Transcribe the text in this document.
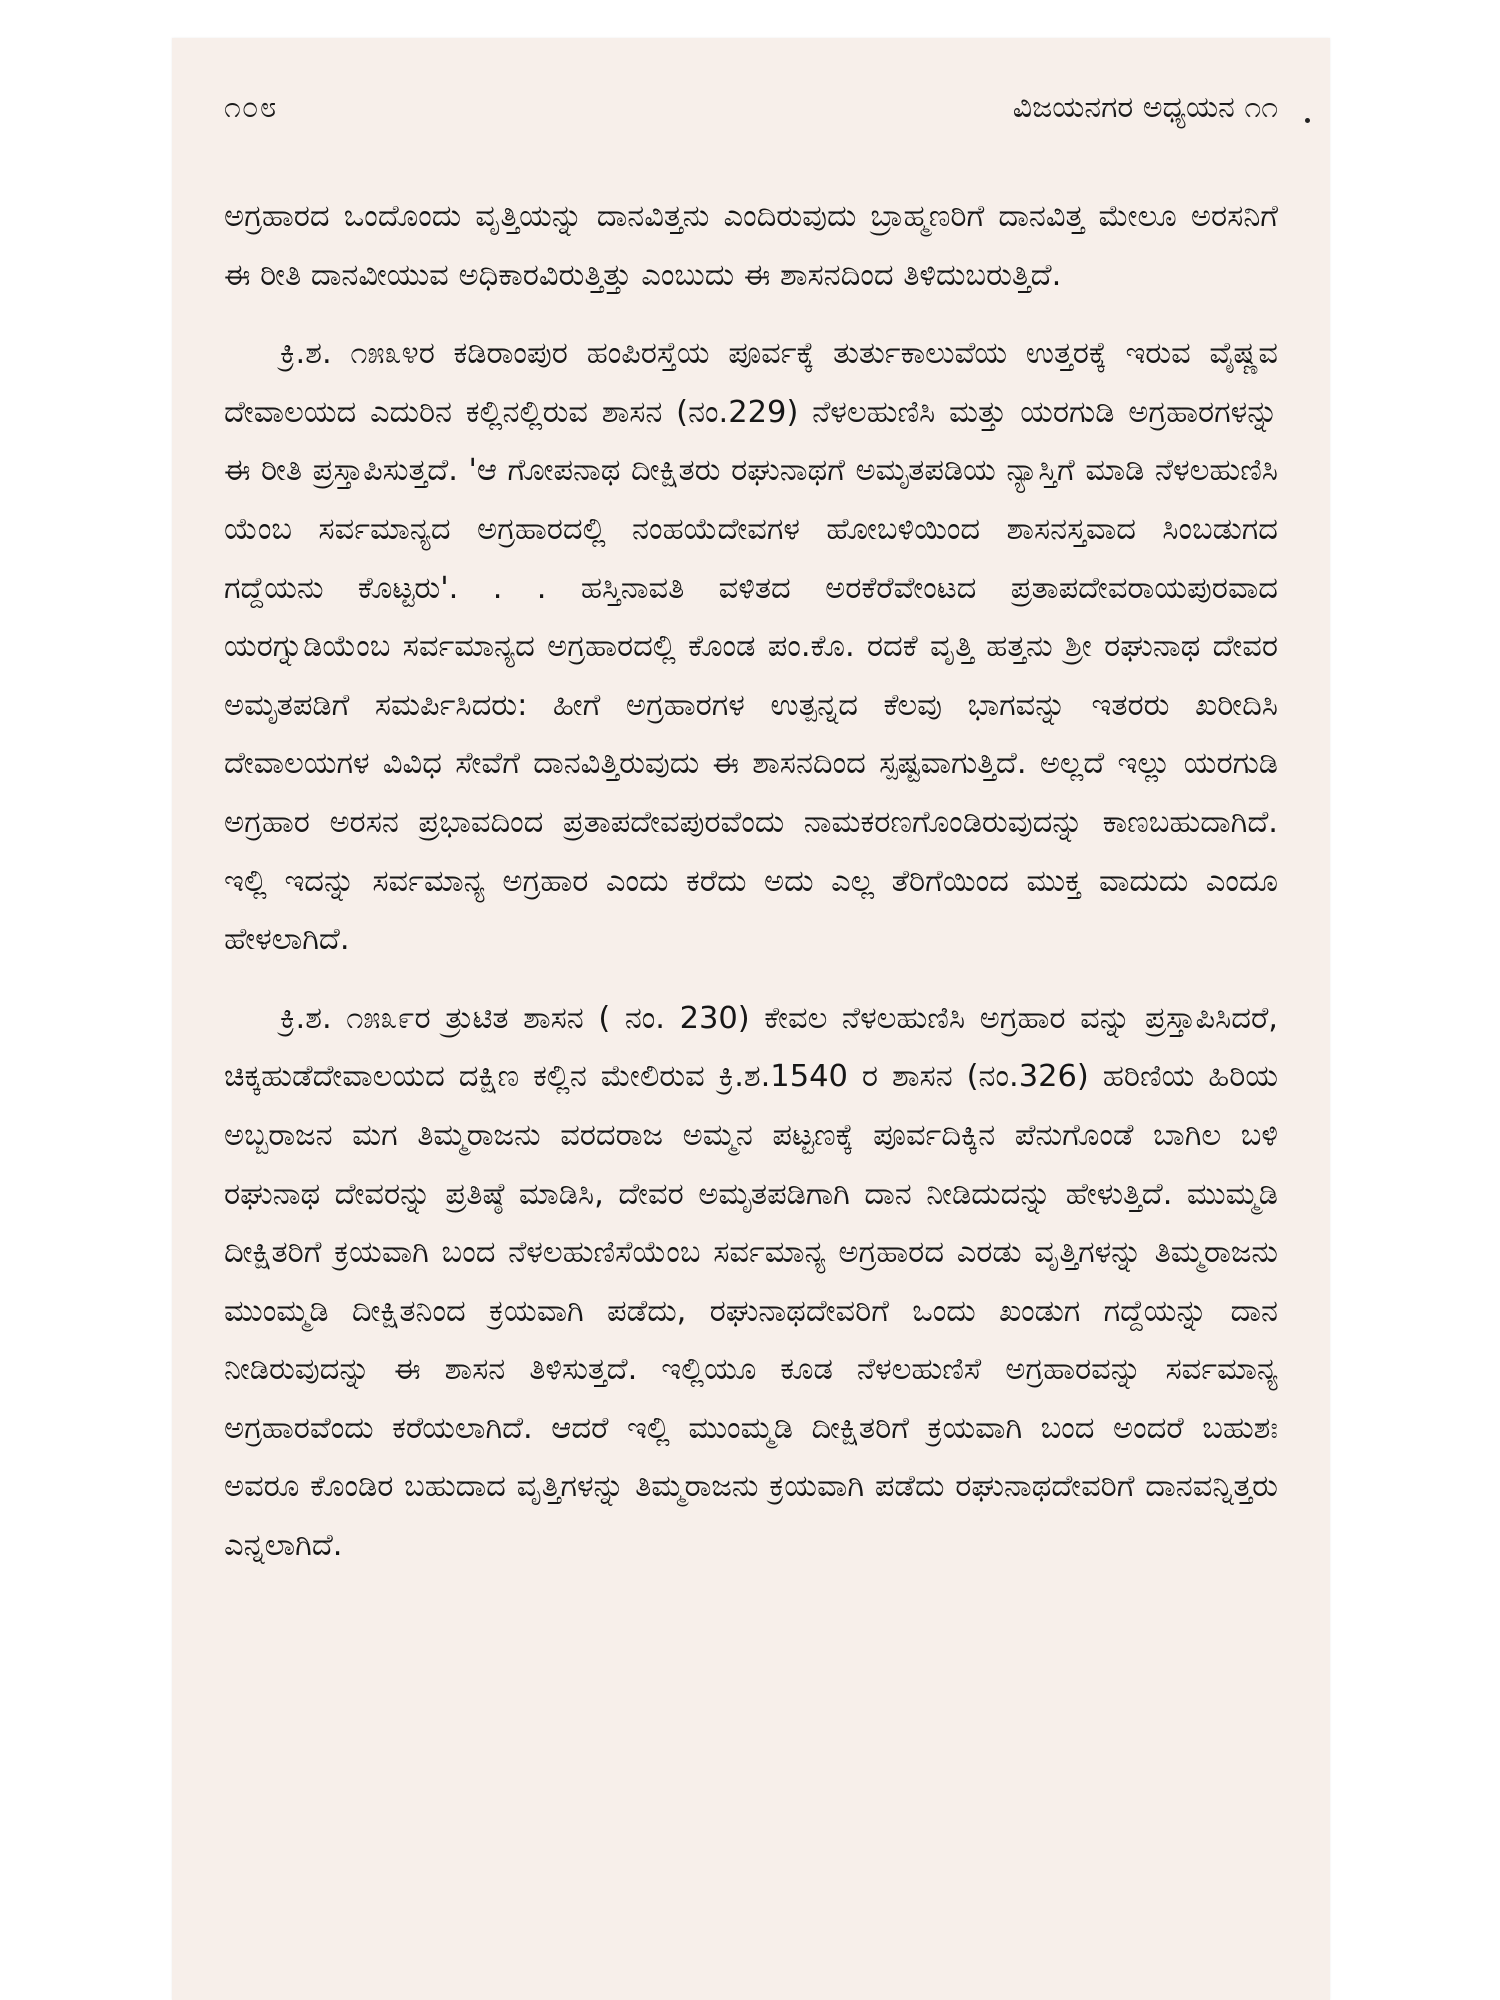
೧೦೮	ವಿಜಯನಗರ ಅಧ್ಯಯನ ೧೧

ಅಗ್ರಹಾರದ ಒಂದೊಂದು ವೃತ್ತಿಯನ್ನು ದಾನವಿತ್ತನು ಎಂದಿರುವುದು ಬ್ರಾಹ್ಮಣರಿಗೆ ದಾನವಿತ್ತ ಮೇಲೂ ಅರಸನಿಗೆ ಈ ರೀತಿ ದಾನವೀಯುವ ಅಧಿಕಾರವಿರುತ್ತಿತ್ತು ಎಂಬುದು ಈ ಶಾಸನದಿಂದ ತಿಳಿದುಬರುತ್ತಿದೆ.

ಕ್ರಿ.ಶ. ೧೫೩೪ರ ಕಡಿರಾಂಪುರ ಹಂಪಿರಸ್ತೆಯ ಪೂರ್ವಕ್ಕೆ ತುರ್ತುಕಾಲುವೆಯ ಉತ್ತರಕ್ಕೆ ಇರುವ ವೈಷ್ಣವ ದೇವಾಲಯದ ಎದುರಿನ ಕಲ್ಲಿನಲ್ಲಿರುವ ಶಾಸನ (ನಂ.229) ನೆಳಲಹುಣಿಸಿ ಮತ್ತು ಯರಗುಡಿ ಅಗ್ರಹಾರಗಳನ್ನು ಈ ರೀತಿ ಪ್ರಸ್ತಾಪಿಸುತ್ತದೆ. 'ಆ ಗೋಪನಾಥ ದೀಕ್ಷಿತರು ರಘುನಾಥಗೆ ಅಮೃತಪಡಿಯ ನ್ಯಾಸ್ತಿಗೆ ಮಾಡಿ ನೆಳಲಹುಣಿಸಿ ಯೆಂಬ ಸರ್ವಮಾನ್ಯದ ಅಗ್ರಹಾರದಲ್ಲಿ ನಂಹಯೆದೇವಗಳ ಹೋಬಳಿಯಿಂದ ಶಾಸನಸ್ತವಾದ ಸಿಂಬಡುಗದ ಗದ್ದೆಯನು ಕೊಟ್ಟರು'. . . ಹಸ್ತಿನಾವತಿ ವಳಿತದ ಅರಕೆರೆವೇಂಟದ ಪ್ರತಾಪದೇವರಾಯಪುರವಾದ ಯರಗ್ನುಡಿಯೆಂಬ ಸರ್ವಮಾನ್ಯದ ಅಗ್ರಹಾರದಲ್ಲಿ ಕೊಂಡ ಪಂ.ಕೊ. ರದಕೆ ವೃತ್ತಿ ಹತ್ತನು ಶ್ರೀ ರಘುನಾಥ ದೇವರ ಅಮೃತಪಡಿಗೆ ಸಮರ್ಪಿಸಿದರು: ಹೀಗೆ ಅಗ್ರಹಾರಗಳ ಉತ್ಪನ್ನದ ಕೆಲವು ಭಾಗವನ್ನು ಇತರರು ಖರೀದಿಸಿ ದೇವಾಲಯಗಳ ವಿವಿಧ ಸೇವೆಗೆ ದಾನವಿತ್ತಿರುವುದು ಈ ಶಾಸನದಿಂದ ಸ್ಪಷ್ಟವಾಗುತ್ತಿದೆ. ಅಲ್ಲದೆ ಇಲ್ಲು ಯರಗುಡಿ ಅಗ್ರಹಾರ ಅರಸನ ಪ್ರಭಾವದಿಂದ ಪ್ರತಾಪದೇವಪುರವೆಂದು ನಾಮಕರಣಗೊಂಡಿರುವುದನ್ನು ಕಾಣಬಹುದಾಗಿದೆ. ಇಲ್ಲಿ ಇದನ್ನು ಸರ್ವಮಾನ್ಯ ಅಗ್ರಹಾರ ಎಂದು ಕರೆದು ಅದು ಎಲ್ಲ ತೆರಿಗೆಯಿಂದ ಮುಕ್ತ ವಾದುದು ಎಂದೂ ಹೇಳಲಾಗಿದೆ.

ಕ್ರಿ.ಶ. ೧೫೩೯ರ ತ್ರುಟಿತ ಶಾಸನ ( ನಂ. 230) ಕೇವಲ ನೆಳಲಹುಣಿಸಿ ಅಗ್ರಹಾರ ವನ್ನು ಪ್ರಸ್ತಾಪಿಸಿದರೆ, ಚಿಕ್ಕಹುಡೆದೇವಾಲಯದ ದಕ್ಷಿಣ ಕಲ್ಲಿನ ಮೇಲಿರುವ ಕ್ರಿ.ಶ.1540 ರ ಶಾಸನ (ನಂ.326) ಹರಿಣಿಯ ಹಿರಿಯ ಅಬ್ಬರಾಜನ ಮಗ ತಿಮ್ಮರಾಜನು ವರದರಾಜ ಅಮ್ಮನ ಪಟ್ಟಣಕ್ಕೆ ಪೂರ್ವದಿಕ್ಕಿನ ಪೆನುಗೊಂಡೆ ಬಾಗಿಲ ಬಳಿ ರಘುನಾಥ ದೇವರನ್ನು ಪ್ರತಿಷ್ಠೆ ಮಾಡಿಸಿ, ದೇವರ ಅಮೃತಪಡಿಗಾಗಿ ದಾನ ನೀಡಿದುದನ್ನು ಹೇಳುತ್ತಿದೆ. ಮುಮ್ಮಡಿ ದೀಕ್ಷಿತರಿಗೆ ಕ್ರಯವಾಗಿ ಬಂದ ನೆಳಲಹುಣಿಸೆಯೆಂಬ ಸರ್ವಮಾನ್ಯ ಅಗ್ರಹಾರದ ಎರಡು ವೃತ್ತಿಗಳನ್ನು ತಿಮ್ಮರಾಜನು ಮುಂಮ್ಮಡಿ ದೀಕ್ಷಿತನಿಂದ ಕ್ರಯವಾಗಿ ಪಡೆದು, ರಘುನಾಥದೇವರಿಗೆ ಒಂದು ಖಂಡುಗ ಗದ್ದೆಯನ್ನು ದಾನ ನೀಡಿರುವುದನ್ನು ಈ ಶಾಸನ ತಿಳಿಸುತ್ತದೆ. ಇಲ್ಲಿಯೂ ಕೂಡ ನೆಳಲಹುಣಿಸೆ ಅಗ್ರಹಾರವನ್ನು ಸರ್ವಮಾನ್ಯ ಅಗ್ರಹಾರವೆಂದು ಕರೆಯಲಾಗಿದೆ. ಆದರೆ ಇಲ್ಲಿ ಮುಂಮ್ಮಡಿ ದೀಕ್ಷಿತರಿಗೆ ಕ್ರಯವಾಗಿ ಬಂದ ಅಂದರೆ ಬಹುಶಃ ಅವರೂ ಕೊಂಡಿರ ಬಹುದಾದ ವೃತ್ತಿಗಳನ್ನು ತಿಮ್ಮರಾಜನು ಕ್ರಯವಾಗಿ ಪಡೆದು ರಘುನಾಥದೇವರಿಗೆ ದಾನವನ್ನಿತ್ತರು ಎನ್ನಲಾಗಿದೆ.
